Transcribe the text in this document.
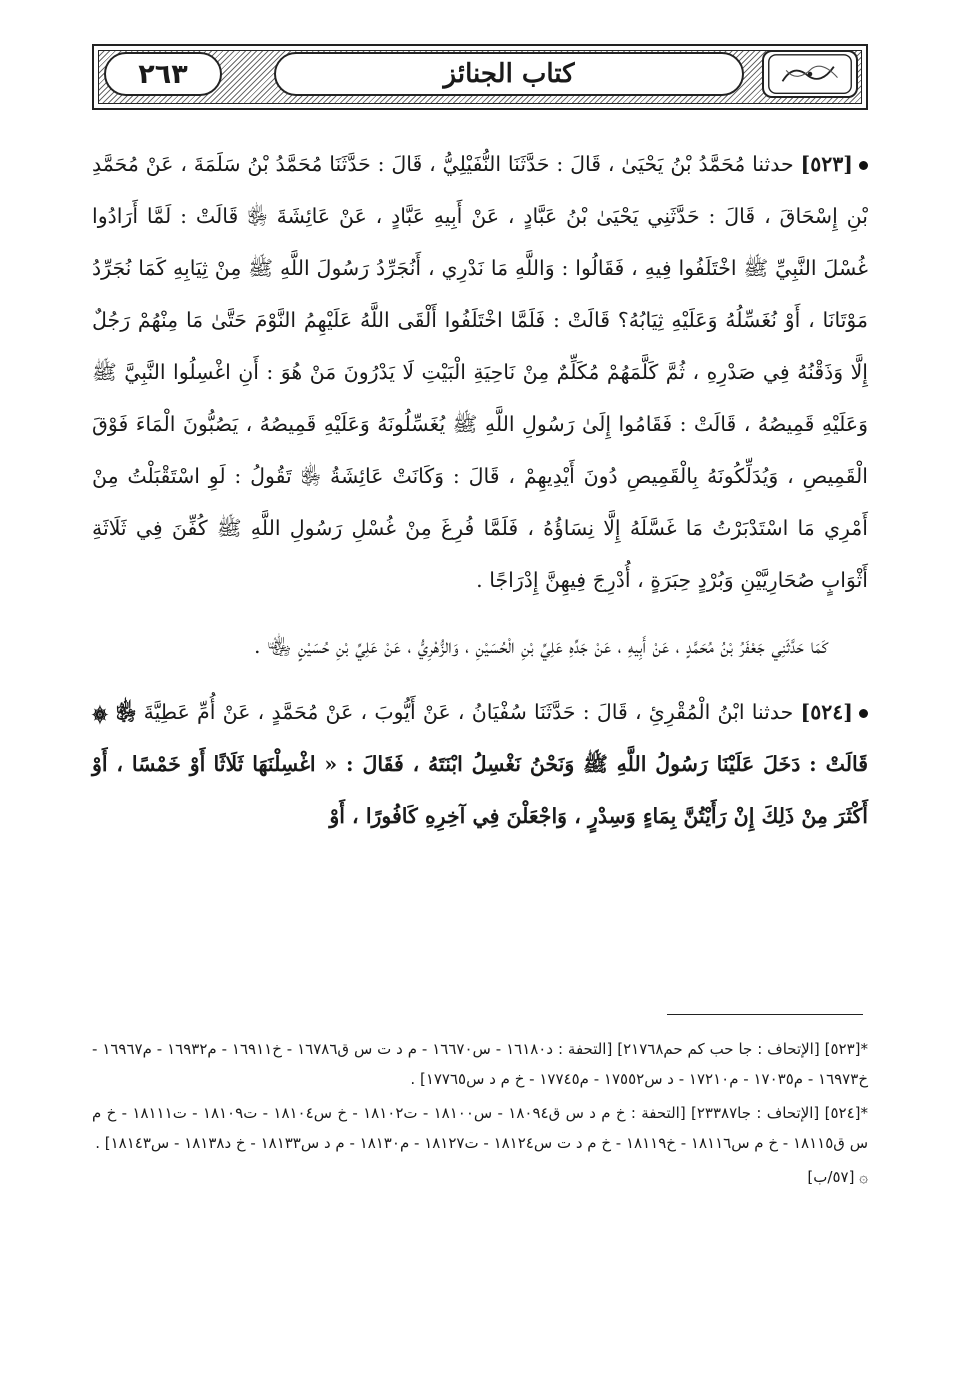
٢٦٣	كتاب الجنائز

[٥٢٣] حدثنا مُحَمَّدُ بْنُ يَحْيَىٰ ، قَالَ : حَدَّثَنَا النُّفَيْلِيُّ ، قَالَ : حَدَّثَنَا مُحَمَّدُ بْنُ سَلَمَةَ ، عَنْ مُحَمَّدِ بْنِ إِسْحَاقَ ، قَالَ : حَدَّثَنِي يَحْيَىٰ بْنُ عَبَّادٍ ، عَنْ أَبِيهِ عَبَّادٍ ، عَنْ عَائِشَةَ ﵂ قَالَتْ : لَمَّا أَرَادُوا غُسْلَ النَّبِيِّ ﷺ اخْتَلَفُوا فِيهِ ، فَقَالُوا : وَاللَّهِ مَا نَدْرِي ، أَنُجَرِّدُ رَسُولَ اللَّهِ ﷺ مِنْ ثِيَابِهِ كَمَا نُجَرِّدُ مَوْتَانَا ، أَوْ نُغَسِّلُهُ وَعَلَيْهِ ثِيَابُهُ؟ قَالَتْ : فَلَمَّا اخْتَلَفُوا أَلْقَى اللَّهُ عَلَيْهِمُ النَّوْمَ حَتَّىٰ مَا مِنْهُمْ رَجُلٌ إِلَّا وَذَقْنُهُ فِي صَدْرِهِ ، ثُمَّ كَلَّمَهُمْ مُكَلِّمٌ مِنْ نَاحِيَةِ الْبَيْتِ لَا يَدْرُونَ مَنْ هُوَ : أَنِ اغْسِلُوا النَّبِيَّ ﷺ وَعَلَيْهِ قَمِيصُهُ ، قَالَتْ : فَقَامُوا إِلَىٰ رَسُولِ اللَّهِ ﷺ يُغَسِّلُونَهُ وَعَلَيْهِ قَمِيصُهُ ، يَصُبُّونَ الْمَاءَ فَوْقَ الْقَمِيصِ ، وَيُدَلِّكُونَهُ بِالْقَمِيصِ دُونَ أَيْدِيهِمْ ، قَالَ : وَكَانَتْ عَائِشَةُ ﵂ تَقُولُ : لَوِ اسْتَقْبَلْتُ مِنْ أَمْرِي مَا اسْتَدْبَرْتُ مَا غَسَّلَهُ إِلَّا نِسَاؤُهُ ، فَلَمَّا فُرِغَ مِنْ غُسْلِ رَسُولِ اللَّهِ ﷺ كُفِّنَ فِي ثَلَاثَةِ أَثْوَابٍ صُحَارِيَّيْنِ وَبُرْدٍ حِبَرَةٍ ، أُدْرِجَ فِيهِنَّ إِدْرَاجًا .

كَمَا حَدَّثَنِي جَعْفَرُ بْنُ مُحَمَّدٍ ، عَنْ أَبِيهِ ، عَنْ جَدِّهِ عَلِيِّ بْنِ الْحُسَيْنِ ، وَالزُّهْرِيُّ ، عَنْ عَلِيِّ بْنِ حُسَيْنٍ ﵄ .

[٥٢٤] حدثنا ابْنُ الْمُقْرِئِ ، قَالَ : حَدَّثَنَا سُفْيَانُ ، عَنْ أَيُّوبَ ، عَنْ مُحَمَّدٍ ، عَنْ أُمِّ عَطِيَّةَ ﵂ ۞ قَالَتْ : دَخَلَ عَلَيْنَا رَسُولُ اللَّهِ ﷺ وَنَحْنُ نَغْسِلُ ابْنَتَهُ ، فَقَالَ : « اغْسِلْنَهَا ثَلَاثًا أَوْ خَمْسًا ، أَوْ أَكْثَرَ مِنْ ذَلِكَ إِنْ رَأَيْتُنَّ بِمَاءٍ وَسِدْرٍ ، وَاجْعَلْنَ فِي آخِرِهِ كَافُورًا ، أَوْ

*[٥٢٣] [الإتحاف : جا حب كم حم٢١٧٦٨] [التحفة : د١٦١٨٠ - س١٦٦٧٠ - م د ت س ق١٦٧٨٦ - خ١٦٩١١ - م١٦٩٣٢ - م١٦٩٦٧ - خ١٦٩٧٣ - م١٧٠٣٥ - م١٧٢١٠ - د س١٧٥٥٢ - م١٧٧٤٥ - خ م د س١٧٧٦٥] .

*[٥٢٤] [الإتحاف : جا٢٣٣٨٧] [التحفة : خ م د س ق١٨٠٩٤ - س١٨١٠٠ - ت١٨١٠٢ - خ س١٨١٠٤ - ت١٨١٠٩ - ت١٨١١١ - خ م س ق١٨١١٥ - خ م س١٨١١٦ - خ١٨١١٩ - خ م د ت س١٨١٢٤ - ت١٨١٢٧ - م١٨١٣٠ - م د س١٨١٣٣ - خ د١٨١٣٨ - س١٨١٤٣] .

۞ [٥٧/ب]
